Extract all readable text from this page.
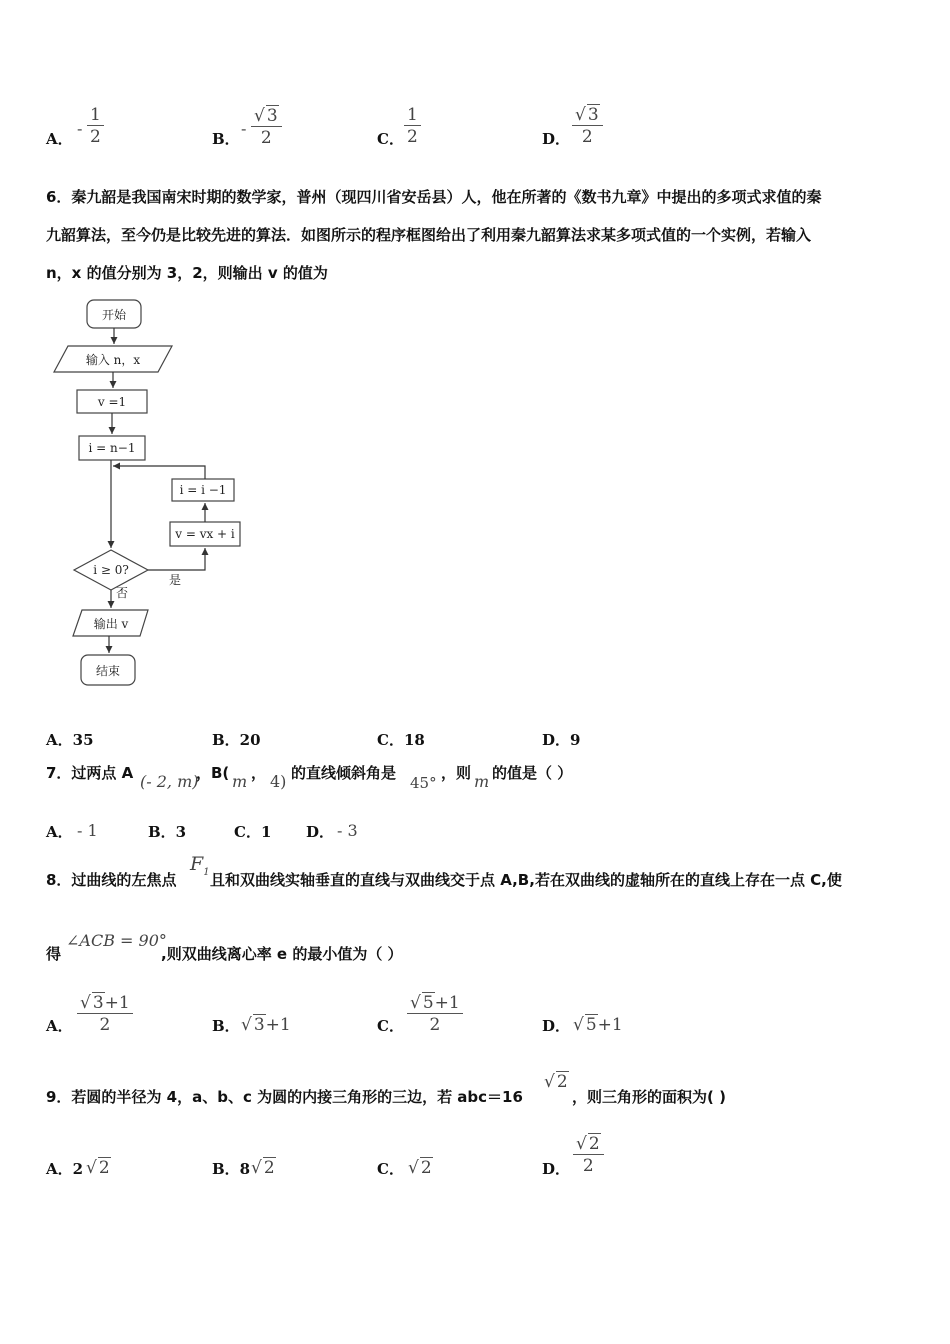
A．
- $\frac{1}{2}$	B．
- $\frac{√ 3}{2}$	C． $\frac{1}{2}$	D． $\frac{√ 3}{2}$
6．秦九韶是我国南宋时期的数学家，普州（现四川省安岳县）人，他在所著的《数书九章》中提出的多项式求值的秦
九韶算法，至今仍是比较先进的算法．如图所示的程序框图给出了利用秦九韶算法求某多项式值的一个实例，若输入
n，x 的值分别为 3，2，则输出 v 的值为
开始
输入 n，x
v =1
i = n−1
i = i −1
v = vx + i
i ≥ 0?
是
否
输出 v
结束
A．35	B．20	C．18	D．9
7．过两点 A (- 2, m)
，B( m ， 4) 的直线倾斜角是
45°
，则 m 的值是（ ）
A． - 1	B．3	C．1 D． - 3
8．过曲线的左焦点
$F_1$ 且和双曲线实轴垂直的直线与双曲线交于点 A,B,若在双曲线的虚轴所在的直线上存在一点 C,使
得
∠ACB = 90°
,则双曲线离心率 e 的最小值为（ ）
A． $\frac{√ 3+1}{2}$	B． √ 3+1	C． $\frac{√ 5+1}{2}$	D． √ 5+1
9．若圆的半径为 4，a、b、c 为圆的内接三角形的三边，若 abc＝16
√ 2
，则三角形的面积为( )
A．2 √ 2	B．8 √ 2	C． √ 2	D． $\frac{√ 2}{2}$
